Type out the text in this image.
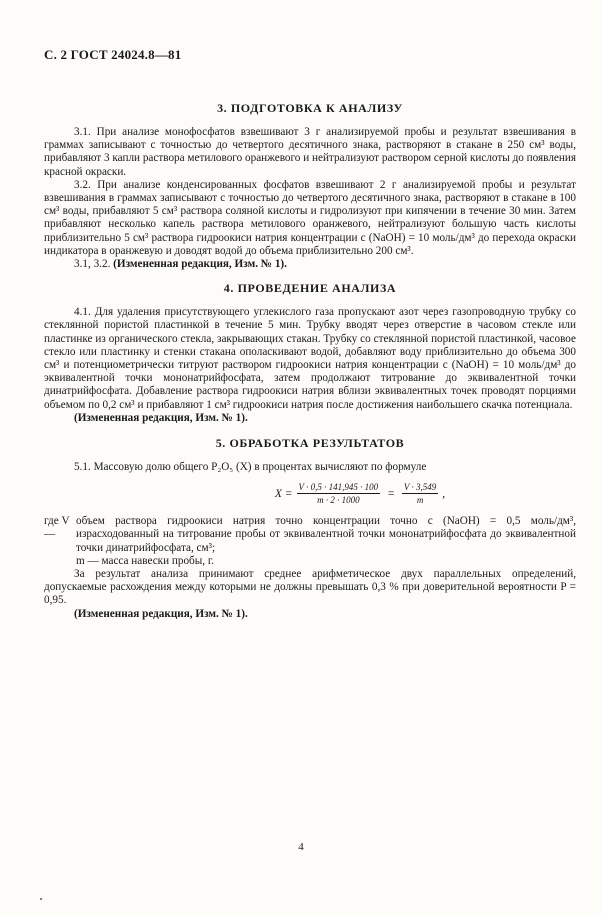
С. 2 ГОСТ 24024.8—81
3. ПОДГОТОВКА К АНАЛИЗУ

3.1. При анализе монофосфатов взвешивают 3 г анализируемой пробы и результат взвешивания в граммах записывают с точностью до четвертого десятичного знака, растворяют в стакане в 250 см³ воды, прибавляют 3 капли раствора метилового оранжевого и нейтрализуют раствором серной кислоты до появления красной окраски.

3.2. При анализе конденсированных фосфатов взвешивают 2 г анализируемой пробы и результат взвешивания в граммах записывают с точностью до четвертого десятичного знака, растворяют в стакане в 100 см³ воды, прибавляют 5 см³ раствора соляной кислоты и гидролизуют при кипячении в течение 30 мин. Затем прибавляют несколько капель раствора метилового оранжевого, нейтрализуют большую часть кислоты приблизительно 5 см³ раствора гидроокиси натрия концентрации c (NaOH) = 10 моль/дм³ до перехода окраски индикатора в оранжевую и доводят водой до объема приблизительно 200 см³.

3.1, 3.2. (Измененная редакция, Изм. № 1).

4. ПРОВЕДЕНИЕ АНАЛИЗА

4.1. Для удаления присутствующего углекислого газа пропускают азот через газопроводную трубку со стеклянной пористой пластинкой в течение 5 мин. Трубку вводят через отверстие в часовом стекле или пластинке из органического стекла, закрывающих стакан. Трубку со стеклянной пористой пластинкой, часовое стекло или пластинку и стенки стакана ополаскивают водой, добавляют воду приблизительно до объема 300 см³ и потенциометрически титруют раствором гидроокиси натрия концентрации c (NaOH) = 10 моль/дм³ до эквивалентной точки мононатрийфосфата, затем продолжают титрование до эквивалентной точки динатрийфосфата. Добавление раствора гидроокиси натрия вблизи эквивалентных точек проводят порциями объемом по 0,2 см³ и прибавляют 1 см³ гидроокиси натрия после достижения наибольшего скачка потенциала.

(Измененная редакция, Изм. № 1).

5. ОБРАБОТКА РЕЗУЛЬТАТОВ

5.1. Массовую долю общего P₂O₅ (X) в процентах вычисляют по формуле

$X = \frac{V \cdot 0,5 \cdot 141,945 \cdot 100}{m \cdot 2 \cdot 1000} = \frac{V \cdot 3,549}{m}$ ,
где V —
объем раствора гидроокиси натрия точно концентрации точно c (NaOH) = 0,5 моль/дм³, израсходованный на титрование пробы от эквивалентной точки мононатрийфосфата до эквивалентной точки динатрийфосфата, см³;
m — масса навески пробы, г.

За результат анализа принимают среднее арифметическое двух параллельных определений, допускаемые расхождения между которыми не должны превышать 0,3 % при доверительной вероятности P = 0,95.

(Измененная редакция, Изм. № 1).

4
